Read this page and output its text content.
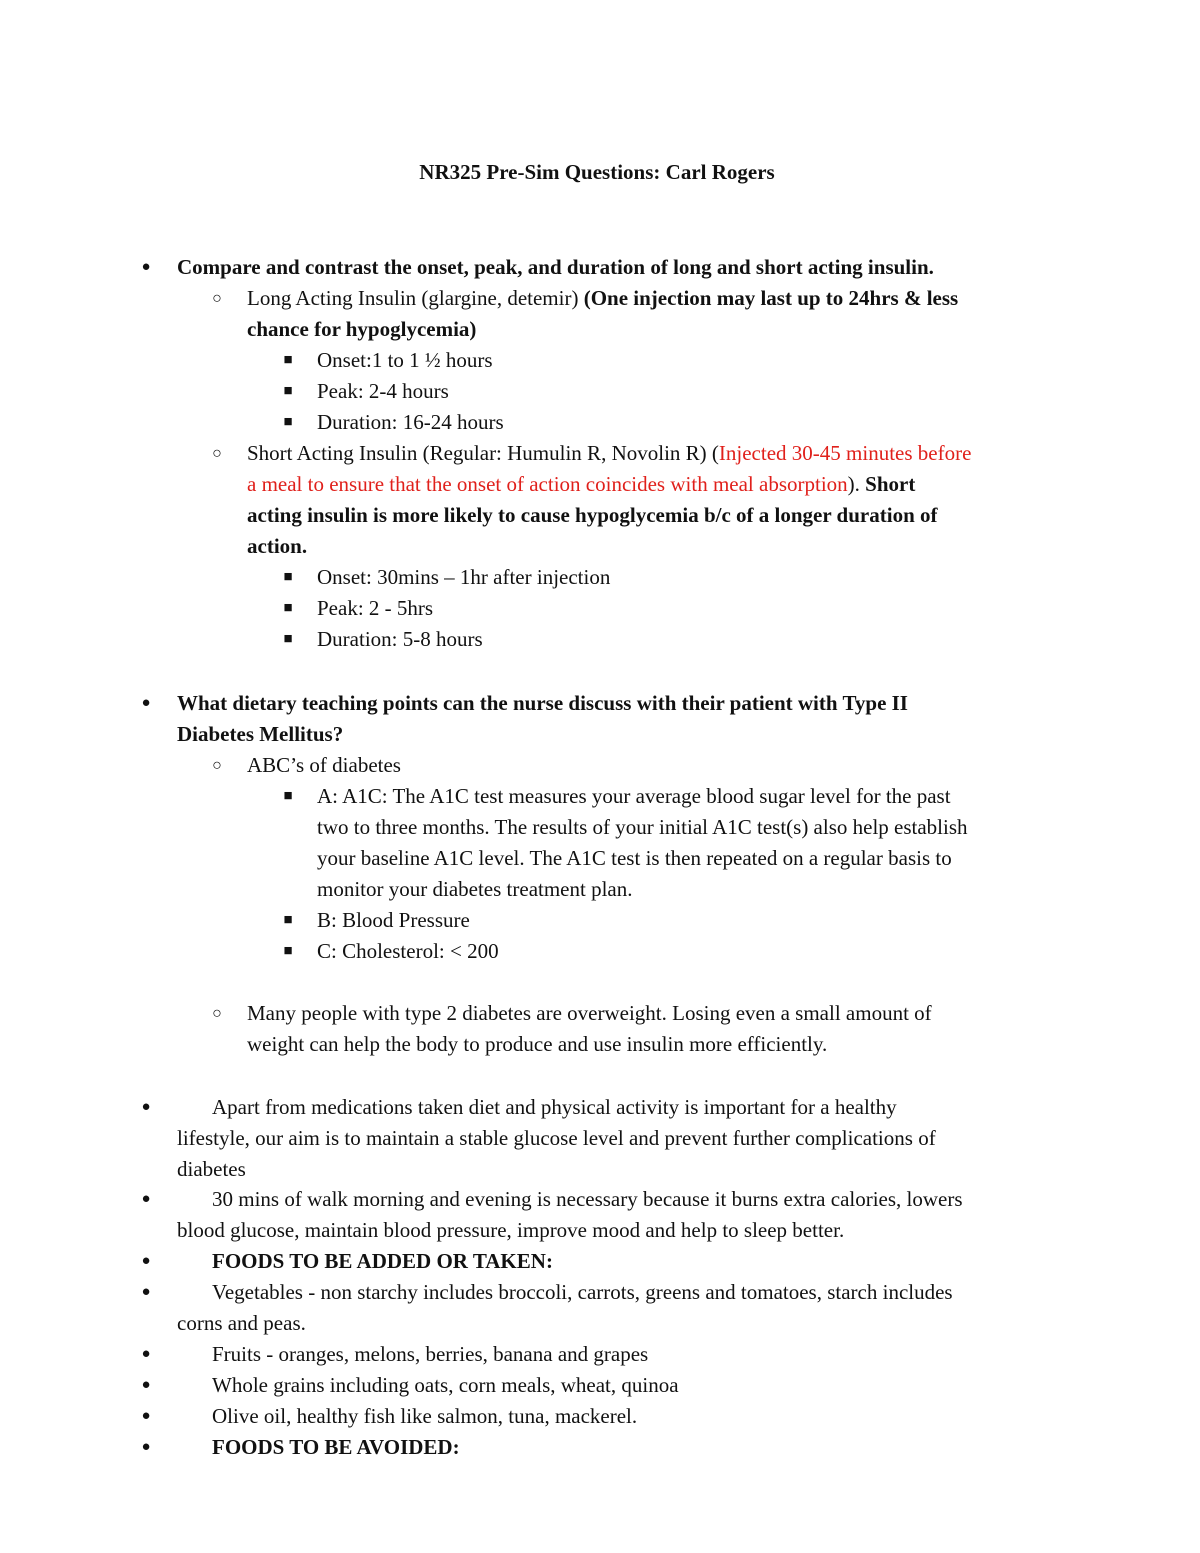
NR325 Pre-Sim Questions: Carl Rogers
● Compare and contrast the onset, peak, and duration of long and short acting insulin.
○ Long Acting Insulin (glargine, detemir) (One injection may last up to 24hrs & less
chance for hypoglycemia)
■ Onset:1 to 1 ½ hours
■ Peak: 2-4 hours
■ Duration: 16-24 hours
○ Short Acting Insulin (Regular: Humulin R, Novolin R) (Injected 30-45 minutes before
a meal to ensure that the onset of action coincides with meal absorption). Short
acting insulin is more likely to cause hypoglycemia b/c of a longer duration of
action.
■ Onset: 30mins – 1hr after injection
■ Peak: 2 - 5hrs
■ Duration: 5-8 hours
● What dietary teaching points can the nurse discuss with their patient with Type II
Diabetes Mellitus?
○ ABC’s of diabetes
■ A: A1C: The A1C test measures your average blood sugar level for the past
two to three months. The results of your initial A1C test(s) also help establish
your baseline A1C level. The A1C test is then repeated on a regular basis to
monitor your diabetes treatment plan.
■ B: Blood Pressure
■ C: Cholesterol: < 200
○ Many people with type 2 diabetes are overweight. Losing even a small amount of
weight can help the body to produce and use insulin more efficiently.
●	Apart from medications taken diet and physical activity is important for a healthy
lifestyle, our aim is to maintain a stable glucose level and prevent further complications of
diabetes
●	30 mins of walk morning and evening is necessary because it burns extra calories, lowers
blood glucose, maintain blood pressure, improve mood and help to sleep better.
●	FOODS TO BE ADDED OR TAKEN:
●	Vegetables - non starchy includes broccoli, carrots, greens and tomatoes, starch includes
corns and peas.
●	Fruits - oranges, melons, berries, banana and grapes
●	Whole grains including oats, corn meals, wheat, quinoa
●	Olive oil, healthy fish like salmon, tuna, mackerel.
●	FOODS TO BE AVOIDED:
